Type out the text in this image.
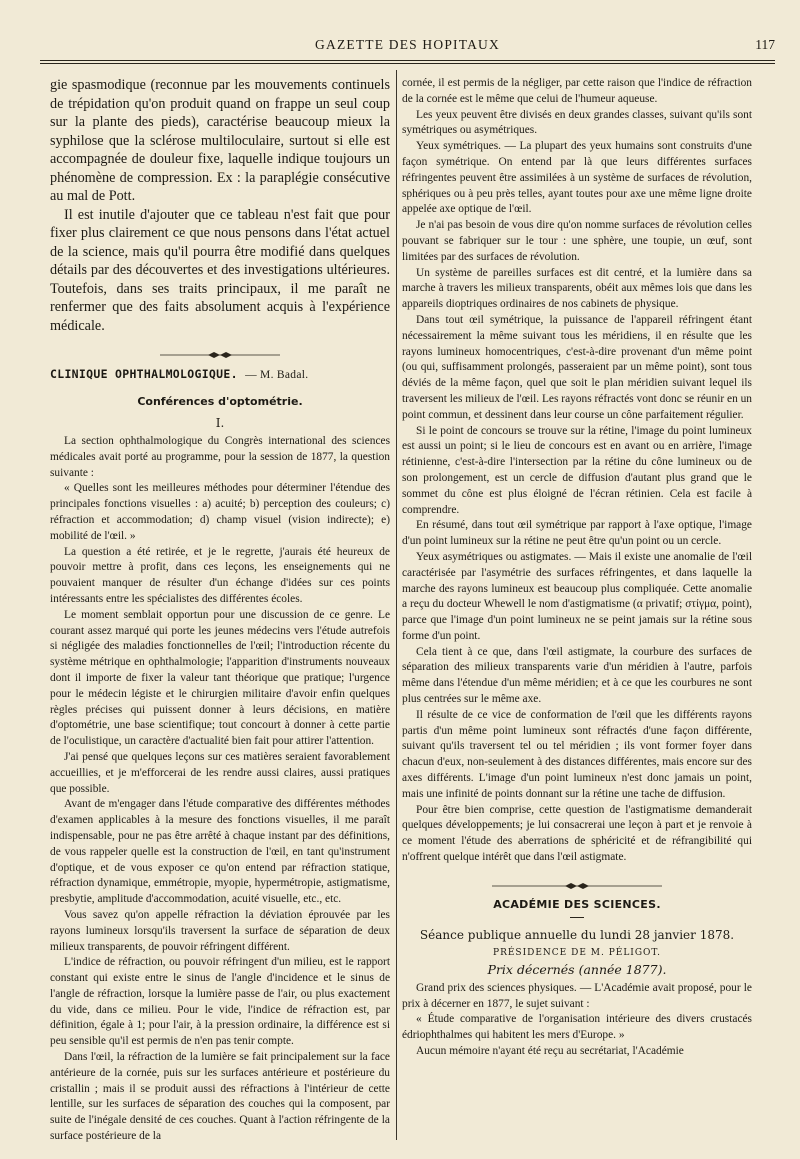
GAZETTE DES HOPITAUX	117

gie spasmodique (reconnue par les mouvements continuels de trépidation qu'on produit quand on frappe un seul coup sur la plante des pieds), caractérise beaucoup mieux la syphilose que la sclérose multiloculaire, surtout si elle est accompagnée de douleur fixe, laquelle indique toujours un phénomène de compression. Ex : la paraplégie consécutive au mal de Pott.

Il est inutile d'ajouter que ce tableau n'est fait que pour fixer plus clairement ce que nous pensons dans l'état actuel de la science, mais qu'il pourra être modifié dans quelques détails par des découvertes et des investigations ultérieures. Toutefois, dans ses traits principaux, il me paraît ne renfermer que des faits absolument acquis à l'expérience médicale.

CLINIQUE OPHTHALMOLOGIQUE. — M. Badal.
Conférences d'optométrie.
I.

La section ophthalmologique du Congrès international des sciences médicales avait porté au programme, pour la session de 1877, la question suivante :

« Quelles sont les meilleures méthodes pour déterminer l'étendue des principales fonctions visuelles : a) acuité; b) perception des couleurs; c) réfraction et accommodation; d) champ visuel (vision indirecte); e) mobilité de l'œil. »

La question a été retirée, et je le regrette, j'aurais été heureux de pouvoir mettre à profit, dans ces leçons, les enseignements qui ne pouvaient manquer de résulter d'un échange d'idées sur ces points intéressants entre les spécialistes des différentes écoles.

Le moment semblait opportun pour une discussion de ce genre. Le courant assez marqué qui porte les jeunes médecins vers l'étude autrefois si négligée des maladies fonctionnelles de l'œil; l'introduction récente du système métrique en ophthalmologie; l'apparition d'instruments nouveaux dont il importe de fixer la valeur tant théorique que pratique; l'urgence pour le médecin légiste et le chirurgien militaire d'avoir enfin quelques règles précises qui puissent donner à leurs décisions, en matière d'optométrie, une base scientifique; tout concourt à donner à cette partie de l'oculistique, un caractère d'actualité bien fait pour attirer l'attention.

J'ai pensé que quelques leçons sur ces matières seraient favorablement accueillies, et je m'efforcerai de les rendre aussi claires, aussi pratiques que possible.

Avant de m'engager dans l'étude comparative des différentes méthodes d'examen applicables à la mesure des fonctions visuelles, il me paraît indispensable, pour ne pas être arrêté à chaque instant par des définitions, de vous rappeler quelle est la construction de l'œil, en tant qu'instrument d'optique, et de vous exposer ce qu'on entend par réfraction statique, réfraction dynamique, emmétropie, myopie, hypermétropie, astigmatisme, presbytie, amplitude d'accommodation, acuité visuelle, etc., etc.

Vous savez qu'on appelle réfraction la déviation éprouvée par les rayons lumineux lorsqu'ils traversent la surface de séparation de deux milieux transparents, de pouvoir réfringent différent.

L'indice de réfraction, ou pouvoir réfringent d'un milieu, est le rapport constant qui existe entre le sinus de l'angle d'incidence et le sinus de l'angle de réfraction, lorsque la lumière passe de l'air, ou plus exactement du vide, dans ce milieu. Pour le vide, l'indice de réfraction est, par définition, égale à 1; pour l'air, à la pression ordinaire, la différence est si peu sensible qu'il est permis de n'en pas tenir compte.

Dans l'œil, la réfraction de la lumière se fait principalement sur la face antérieure de la cornée, puis sur les surfaces antérieure et postérieure du cristallin ; mais il se produit aussi des réfractions à l'intérieur de cette lentille, sur les surfaces de séparation des couches qui la composent, par suite de l'inégale densité de ces couches. Quant à l'action réfringente de la surface postérieure de la

cornée, il est permis de la négliger, par cette raison que l'indice de réfraction de la cornée est le même que celui de l'humeur aqueuse.

Les yeux peuvent être divisés en deux grandes classes, suivant qu'ils sont symétriques ou asymétriques.

Yeux symétriques. — La plupart des yeux humains sont construits d'une façon symétrique. On entend par là que leurs différentes surfaces réfringentes peuvent être assimilées à un système de surfaces de révolution, sphériques ou à peu près telles, ayant toutes pour axe une même ligne droite appelée axe optique de l'œil.

Je n'ai pas besoin de vous dire qu'on nomme surfaces de révolution celles pouvant se fabriquer sur le tour : une sphère, une toupie, un œuf, sont limitées par des surfaces de révolution.

Un système de pareilles surfaces est dit centré, et la lumière dans sa marche à travers les milieux transparents, obéit aux mêmes lois que dans les appareils dioptriques ordinaires de nos cabinets de physique.

Dans tout œil symétrique, la puissance de l'appareil réfringent étant nécessairement la même suivant tous les méridiens, il en résulte que les rayons lumineux homocentriques, c'est-à-dire provenant d'un même point (ou qui, suffisamment prolongés, passeraient par un même point), sont tous déviés de la même façon, quel que soit le plan méridien suivant lequel ils traversent les milieux de l'œil. Les rayons réfractés vont donc se réunir en un point commun, et dessinent dans leur course un cône parfaitement régulier.

Si le point de concours se trouve sur la rétine, l'image du point lumineux est aussi un point; si le lieu de concours est en avant ou en arrière, l'image rétinienne, c'est-à-dire l'intersection par la rétine du cône lumineux ou de son prolongement, est un cercle de diffusion d'autant plus grand que le sommet du cône est plus éloigné de l'écran rétinien. Cela est facile à comprendre.

En résumé, dans tout œil symétrique par rapport à l'axe optique, l'image d'un point lumineux sur la rétine ne peut être qu'un point ou un cercle.

Yeux asymétriques ou astigmates. — Mais il existe une anomalie de l'œil caractérisée par l'asymétrie des surfaces réfringentes, et dans laquelle la marche des rayons lumineux est beaucoup plus compliquée. Cette anomalie a reçu du docteur Whewell le nom d'astigmatisme (α privatif; στίγμα, point), parce que l'image d'un point lumineux ne se peint jamais sur la rétine sous forme d'un point.

Cela tient à ce que, dans l'œil astigmate, la courbure des surfaces de séparation des milieux transparents varie d'un méridien à l'autre, parfois même dans l'étendue d'un même méridien; et à ce que les courbures ne sont plus centrées sur le même axe.

Il résulte de ce vice de conformation de l'œil que les différents rayons partis d'un même point lumineux sont réfractés d'une façon différente, suivant qu'ils traversent tel ou tel méridien ; ils vont former foyer dans chacun d'eux, non-seulement à des distances différentes, mais encore sur des axes différents. L'image d'un point lumineux n'est donc jamais un point, mais une infinité de points donnant sur la rétine une tache de diffusion.

Pour être bien comprise, cette question de l'astigmatisme demanderait quelques développements; je lui consacrerai une leçon à part et je renvoie à ce moment l'étude des aberrations de sphéricité et de réfrangibilité qui n'offrent quelque intérêt que dans l'œil astigmate.

ACADÉMIE DES SCIENCES.
Séance publique annuelle du lundi 28 janvier 1878.
PRÉSIDENCE DE M. PÉLIGOT.
Prix décernés (année 1877).

Grand prix des sciences physiques. — L'Académie avait proposé, pour le prix à décerner en 1877, le sujet suivant :

« Étude comparative de l'organisation intérieure des divers crustacés édriophthalmes qui habitent les mers d'Europe. »

Aucun mémoire n'ayant été reçu au secrétariat, l'Académie
